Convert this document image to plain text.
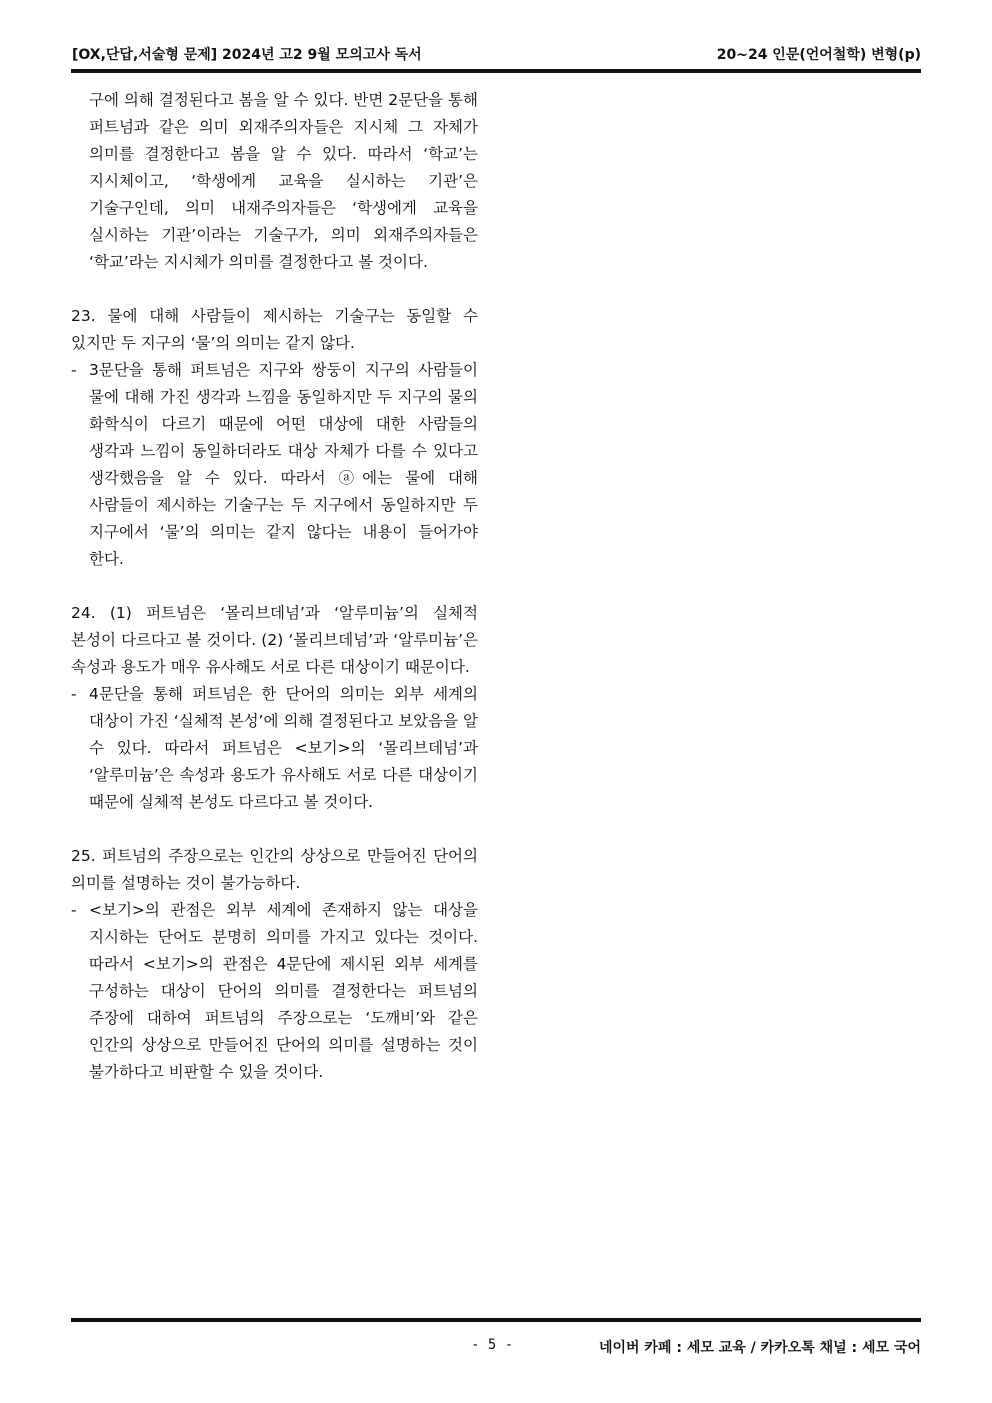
[OX,단답,서술형 문제] 2024년 고2 9월 모의고사 독서	20~24 인문(언어철학) 변형(p)
구에 의해 결정된다고 봄을 알 수 있다. 반면 2문단을 통해 퍼트넘과 같은 의미 외재주의자들은 지시체 그 자체가 의미를 결정한다고 봄을 알 수 있다. 따라서 ‘학교’는 지시체이고, ‘학생에게 교육을 실시하는 기관’은 기술구인데, 의미 내재주의자들은 ‘학생에게 교육을 실시하는 기관’이라는 기술구가, 의미 외재주의자들은 ‘학교’라는 지시체가 의미를 결정한다고 볼 것이다.
23. 물에 대해 사람들이 제시하는 기술구는 동일할 수 있지만 두 지구의 ‘물’의 의미는 같지 않다.
- 3문단을 통해 퍼트넘은 지구와 쌍둥이 지구의 사람들이 물에 대해 가진 생각과 느낌을 동일하지만 두 지구의 물의 화학식이 다르기 때문에 어떤 대상에 대한 사람들의 생각과 느낌이 동일하더라도 대상 자체가 다를 수 있다고 생각했음을 알 수 있다. 따라서 ⓐ에는 물에 대해 사람들이 제시하는 기술구는 두 지구에서 동일하지만 두 지구에서 ‘물’의 의미는 같지 않다는 내용이 들어가야 한다.
24. (1) 퍼트넘은 ‘몰리브데넘’과 ‘알루미늄’의 실체적 본성이 다르다고 볼 것이다. (2) ‘몰리브데넘’과 ‘알루미늄’은 속성과 용도가 매우 유사해도 서로 다른 대상이기 때문이다.
- 4문단을 통해 퍼트넘은 한 단어의 의미는 외부 세계의 대상이 가진 ‘실체적 본성’에 의해 결정된다고 보았음을 알 수 있다. 따라서 퍼트넘은 <보기>의 ‘몰리브데넘’과 ‘알루미늄’은 속성과 용도가 유사해도 서로 다른 대상이기 때문에 실체적 본성도 다르다고 볼 것이다.
25. 퍼트넘의 주장으로는 인간의 상상으로 만들어진 단어의 의미를 설명하는 것이 불가능하다.
- <보기>의 관점은 외부 세계에 존재하지 않는 대상을 지시하는 단어도 분명히 의미를 가지고 있다는 것이다. 따라서 <보기>의 관점은 4문단에 제시된 외부 세계를 구성하는 대상이 단어의 의미를 결정한다는 퍼트넘의 주장에 대하여 퍼트넘의 주장으로는 ‘도깨비’와 같은 인간의 상상으로 만들어진 단어의 의미를 설명하는 것이 불가하다고 비판할 수 있을 것이다.
- 5 -	네이버 카페 : 세모 교육 / 카카오톡 채널 : 세모 국어
